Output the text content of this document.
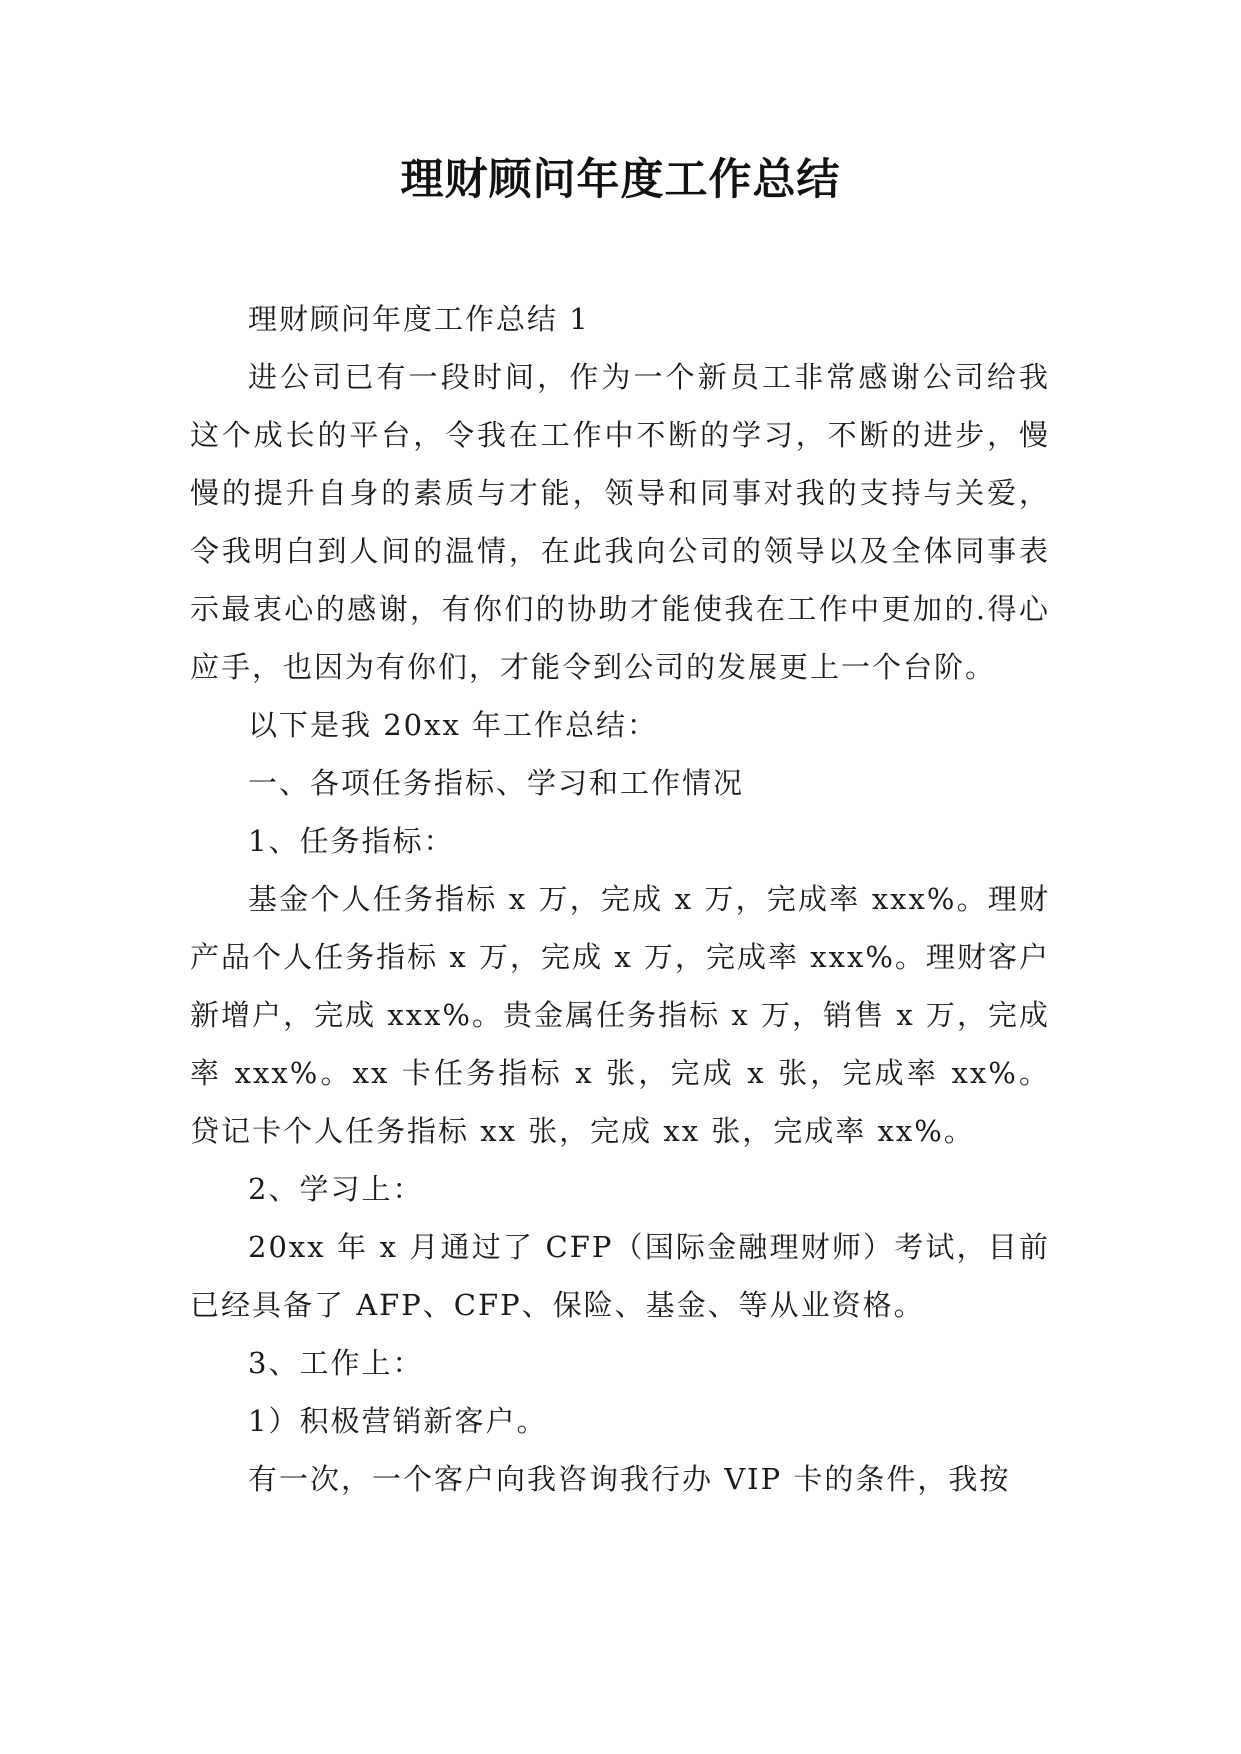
理财顾问年度工作总结

理财顾问年度工作总结 1

进公司已有一段时间，作为一个新员工非常感谢公司给我这个成长的平台，令我在工作中不断的学习，不断的进步，慢慢的提升自身的素质与才能，领导和同事对我的支持与关爱，令我明白到人间的温情，在此我向公司的领导以及全体同事表示最衷心的感谢，有你们的协助才能使我在工作中更加的.得心应手，也因为有你们，才能令到公司的发展更上一个台阶。

以下是我 20xx 年工作总结：

一、各项任务指标、学习和工作情况

1、任务指标：

基金个人任务指标 x 万，完成 x 万，完成率 xxx%。理财产品个人任务指标 x 万，完成 x 万，完成率 xxx%。理财客户新增户，完成 xxx%。贵金属任务指标 x 万，销售 x 万，完成率 xxx%。xx 卡任务指标 x 张，完成 x 张，完成率 xx%。贷记卡个人任务指标 xx 张，完成 xx 张，完成率 xx%。

2、学习上：

20xx 年 x 月通过了 CFP（国际金融理财师）考试，目前已经具备了 AFP、CFP、保险、基金、等从业资格。

3、工作上：

1）积极营销新客户。

有一次，一个客户向我咨询我行办 VIP 卡的条件，我按
